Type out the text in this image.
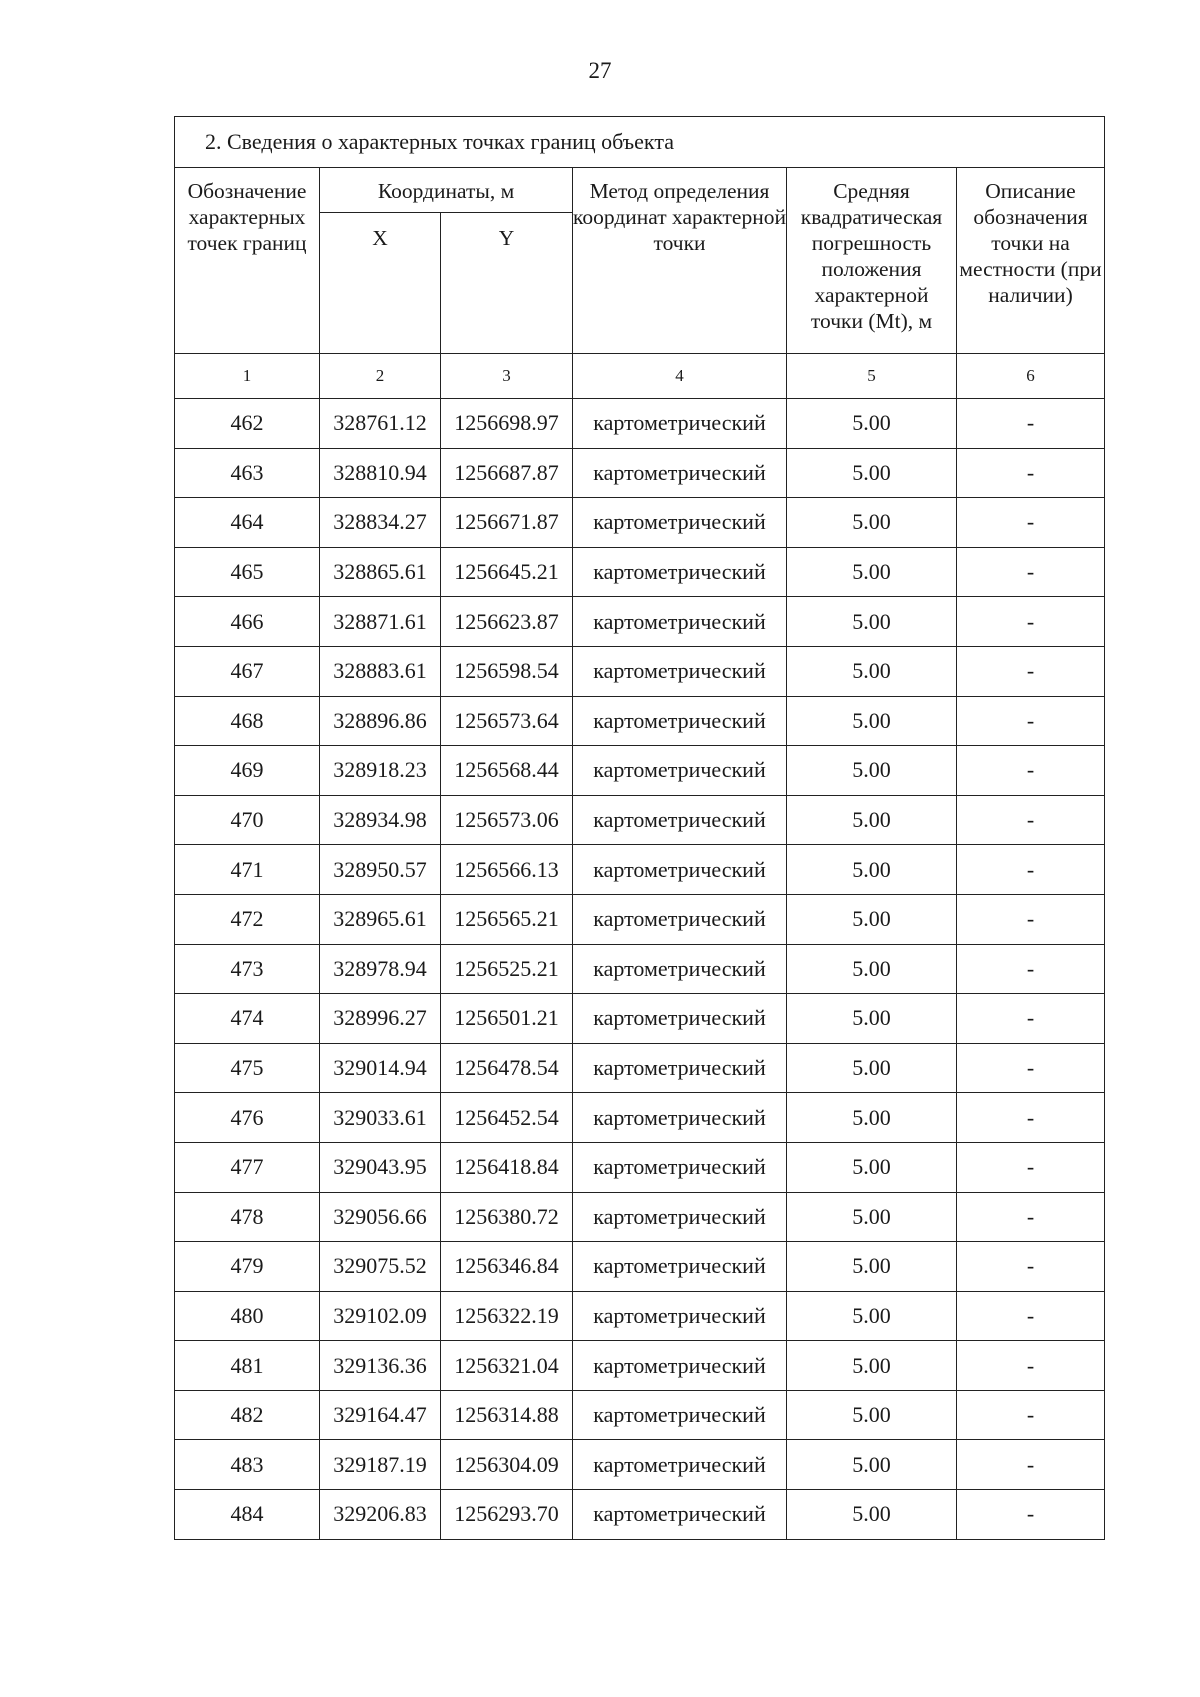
27
2. Сведения о характерных точках границ объекта					
Обозначение характерных точек границ	Координаты, м		Метод определения координат характерной точки	Средняя квадратическая погрешность положения характерной точки (Mt), м	Описание обозначения точки на местности (при наличии)
	X	Y			
1	2	3	4	5	6
462	328761.12	1256698.97	картометрический	5.00	-
463	328810.94	1256687.87	картометрический	5.00	-
464	328834.27	1256671.87	картометрический	5.00	-
465	328865.61	1256645.21	картометрический	5.00	-
466	328871.61	1256623.87	картометрический	5.00	-
467	328883.61	1256598.54	картометрический	5.00	-
468	328896.86	1256573.64	картометрический	5.00	-
469	328918.23	1256568.44	картометрический	5.00	-
470	328934.98	1256573.06	картометрический	5.00	-
471	328950.57	1256566.13	картометрический	5.00	-
472	328965.61	1256565.21	картометрический	5.00	-
473	328978.94	1256525.21	картометрический	5.00	-
474	328996.27	1256501.21	картометрический	5.00	-
475	329014.94	1256478.54	картометрический	5.00	-
476	329033.61	1256452.54	картометрический	5.00	-
477	329043.95	1256418.84	картометрический	5.00	-
478	329056.66	1256380.72	картометрический	5.00	-
479	329075.52	1256346.84	картометрический	5.00	-
480	329102.09	1256322.19	картометрический	5.00	-
481	329136.36	1256321.04	картометрический	5.00	-
482	329164.47	1256314.88	картометрический	5.00	-
483	329187.19	1256304.09	картометрический	5.00	-
484	329206.83	1256293.70	картометрический	5.00	-
